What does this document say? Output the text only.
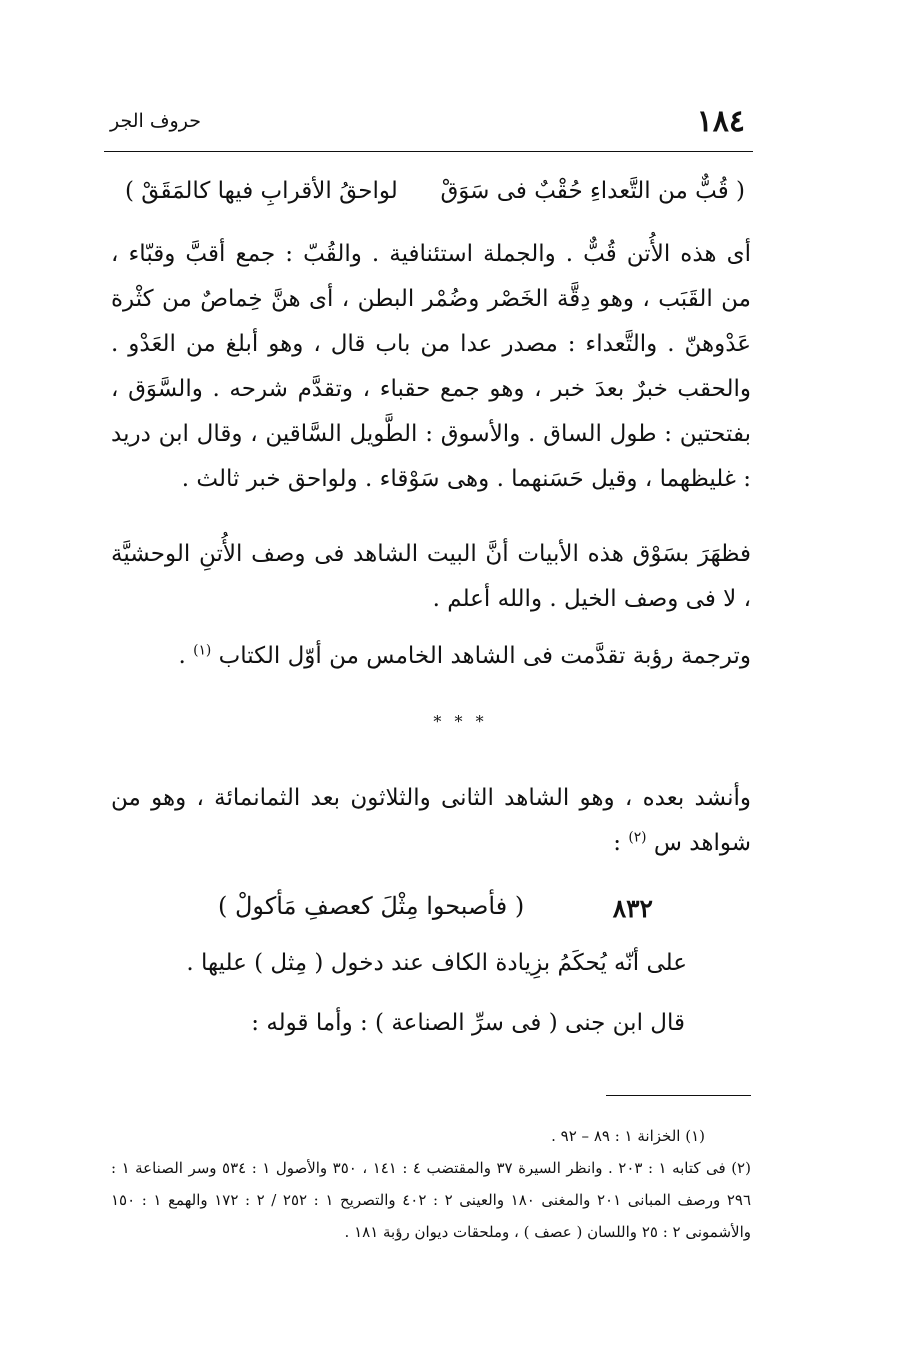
١٨٤
حروف الجر
( قُبٌّ من التَّعداءِ حُقْبٌ فى سَوَقْ
لواحقُ الأقرابِ فيها كالمَقَقْ )
أى هذه الأُتن قُبٌّ . والجملة استئنافية . والقُبّ : جمع أقبَّ وقبّاء ، من القَبَب ، وهو دِقَّة الخَصْر وضُمْر البطن ، أى هنَّ خِماصٌ من كثْرة عَدْوهنّ . والتَّعداء : مصدر عدا من باب قال ، وهو أبلغ من العَدْو . والحقب خبرٌ بعدَ خبر ، وهو جمع حقباء ، وتقدَّم شرحه . والسَّوَق ، بفتحتين : طول الساق . والأسوق : الطَّويل السَّاقين ، وقال ابن دريد : غليظهما ، وقيل حَسَنهما . وهى سَوْقاء . ولواحق خبر ثالث .
فظهَرَ بسَوْق هذه الأبيات أنَّ البيت الشاهد فى وصف الأُتنِ الوحشيَّة ، لا فى وصف الخيل . والله أعلم .
وترجمة رؤبة تقدَّمت فى الشاهد الخامس من أوّل الكتاب $^{(١)}$ .
* * *
وأنشد بعده ، وهو الشاهد الثانى والثلاثون بعد الثمانمائة ، وهو من شواهد س $^{(٢)}$ :
٨٣٢
( فأصبحوا مِثْلَ كعصفِ مَأكولْ )
على أنّه يُحكَمُ بزِيادة الكاف عند دخول ( مِثل ) عليها .
قال ابن جنى ( فى سرِّ الصناعة ) : وأما قوله :
(١) الخزانة ١ : ٨٩ – ٩٢ .
(٢) فى كتابه ١ : ٢٠٣ . وانظر السيرة ٣٧ والمقتضب ٤ : ١٤١ ، ٣٥٠ والأصول ١ : ٥٣٤ وسر الصناعة ١ : ٢٩٦ ورصف المبانى ٢٠١ والمغنى ١٨٠ والعينى ٢ : ٤٠٢ والتصريح ١ : ٢٥٢ / ٢ : ١٧٢ والهمع ١ : ١٥٠ والأشمونى ٢ : ٢٥ واللسان ( عصف ) ، وملحقات ديوان رؤبة ١٨١ .
